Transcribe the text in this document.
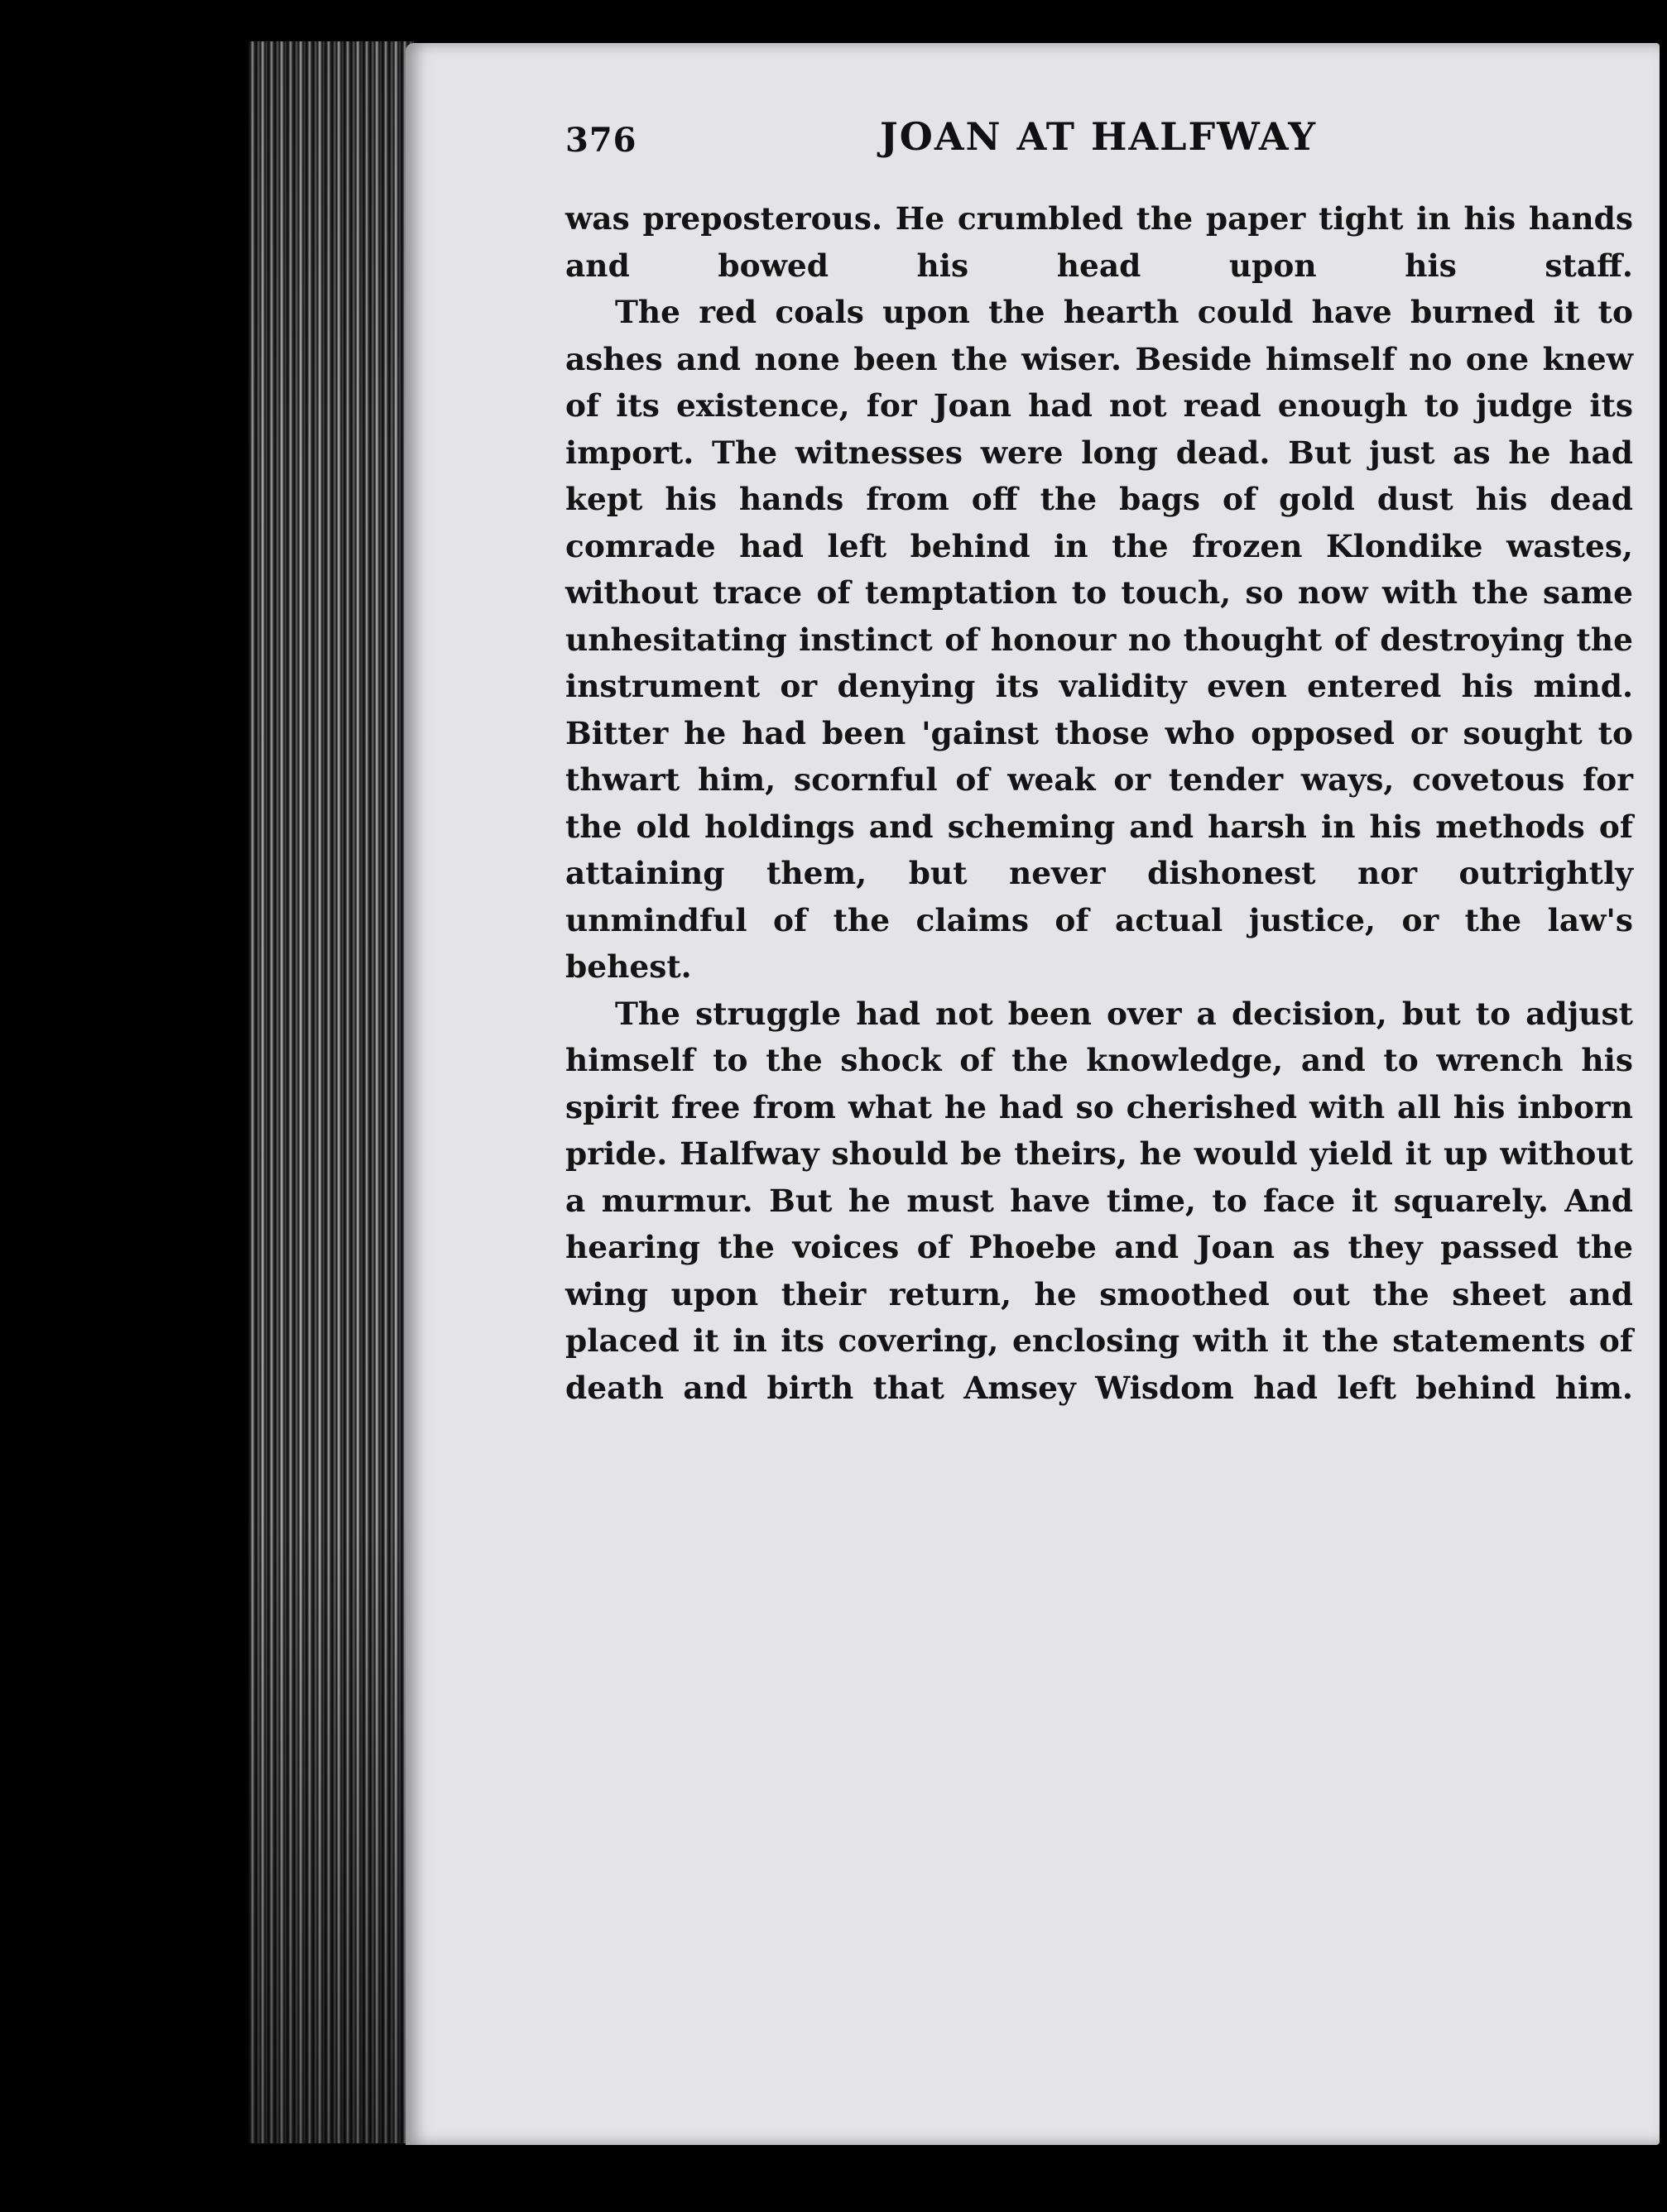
376	JOAN AT HALFWAY

was preposterous. He crumbled the paper tight in his hands and bowed his head upon his staff.

The red coals upon the hearth could have burned it to ashes and none been the wiser. Beside himself no one knew of its existence, for Joan had not read enough to judge its import. The witnesses were long dead. But just as he had kept his hands from off the bags of gold dust his dead comrade had left behind in the frozen Klondike wastes, without trace of temptation to touch, so now with the same unhesitating instinct of honour no thought of destroying the instrument or denying its validity even entered his mind. Bitter he had been 'gainst those who opposed or sought to thwart him, scornful of weak or tender ways, covetous for the old holdings and scheming and harsh in his methods of attaining them, but never dishonest nor outrightly unmindful of the claims of actual justice, or the law's behest.

The struggle had not been over a decision, but to adjust himself to the shock of the knowledge, and to wrench his spirit free from what he had so cherished with all his inborn pride. Halfway should be theirs, he would yield it up without a murmur. But he must have time, to face it squarely. And hearing the voices of Phoebe and Joan as they passed the wing upon their return, he smoothed out the sheet and placed it in its covering, enclosing with it the statements of death and birth that Amsey Wisdom had left behind him.
